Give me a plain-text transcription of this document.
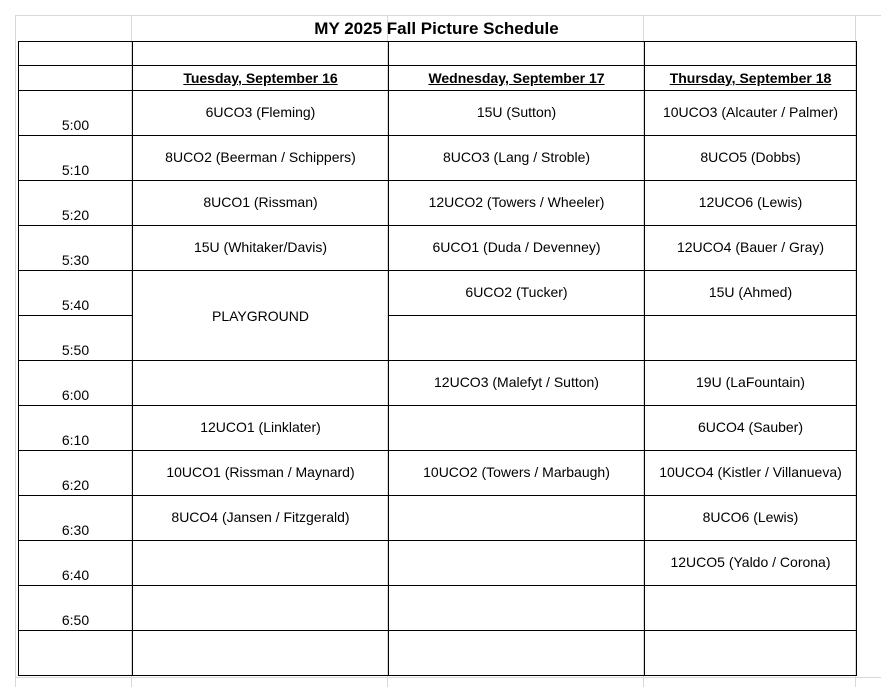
MY 2025 Fall Picture Schedule

	Tuesday, September 16	Wednesday, September 17	Thursday, September 18
5:00	6UCO3 (Fleming)	15U (Sutton)	10UCO3 (Alcauter / Palmer)
5:10	8UCO2 (Beerman / Schippers)	8UCO3 (Lang / Stroble)	8UCO5 (Dobbs)
5:20	8UCO1 (Rissman)	12UCO2 (Towers / Wheeler)	12UCO6 (Lewis)
5:30	15U (Whitaker/Davis)	6UCO1 (Duda / Devenney)	12UCO4 (Bauer / Gray)
5:40	PLAYGROUND	6UCO2 (Tucker)	15U (Ahmed)
5:50			
6:00		12UCO3 (Malefyt / Sutton)	19U (LaFountain)
6:10	12UCO1 (Linklater)		6UCO4 (Sauber)
6:20	10UCO1 (Rissman / Maynard)	10UCO2 (Towers / Marbaugh)	10UCO4 (Kistler / Villanueva)
6:30	8UCO4 (Jansen / Fitzgerald)		8UCO6 (Lewis)
6:40			12UCO5 (Yaldo / Corona)
6:50			
